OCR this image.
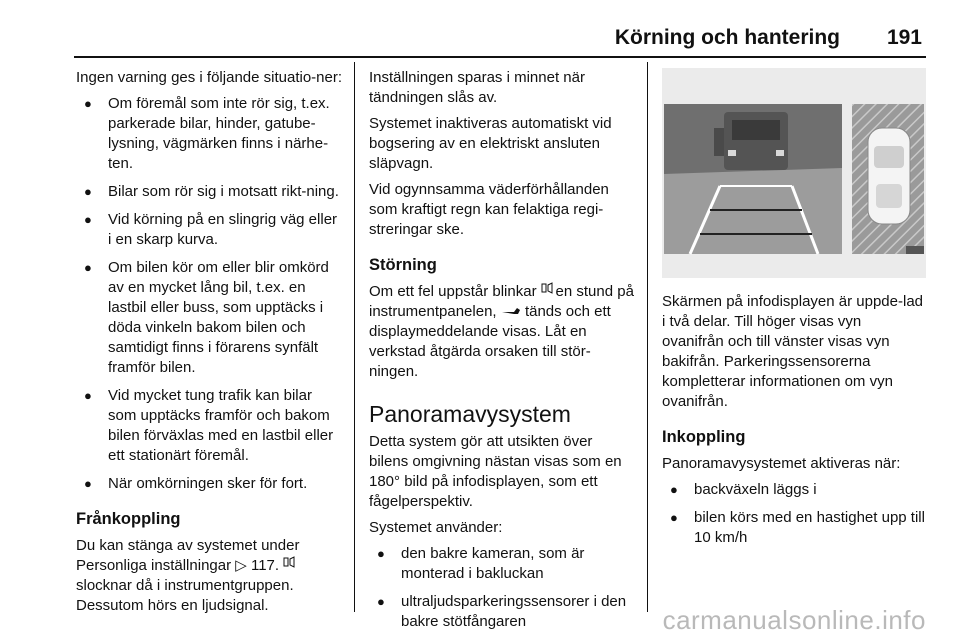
Körning och hantering 191

Ingen varning ges i följande situatio-ner:

● Om föremål som inte rör sig, t.ex. parkerade bilar, hinder, gatube-lysning, vägmärken finns i närhe-ten.
● Bilar som rör sig i motsatt rikt-ning.
● Vid körning på en slingrig väg eller i en skarp kurva.
● Om bilen kör om eller blir omkörd av en mycket lång bil, t.ex. en lastbil eller buss, som upptäcks i döda vinkeln bakom bilen och samtidigt finns i förarens synfält framför bilen.
● Vid mycket tung trafik kan bilar som upptäcks framför och bakom bilen förväxlas med en lastbil eller ett stationärt föremål.
● När omkörningen sker för fort.
Frånkoppling

Du kan stänga av systemet under Personliga inställningar ▷ 117.  slocknar då i instrumentgruppen. Dessutom hörs en ljudsignal.

Inställningen sparas i minnet när tändningen slås av.

Systemet inaktiveras automatiskt vid bogsering av en elektriskt ansluten släpvagn.

Vid ogynnsamma väderförhållanden som kraftigt regn kan felaktiga regi-streringar ske.

Störning

Om ett fel uppstår blinkar en stund på instrumentpanelen, tänds och ett displaymeddelande visas. Låt en verkstad åtgärda orsaken till stör-ningen.

Panoramavysystem

Detta system gör att utsikten över bilens omgivning nästan visas som en 180° bild på infodisplayen, som ett fågelperspektiv.

Systemet använder:

● den bakre kameran, som är monterad i bakluckan
● ultraljudsparkeringssensorer i den bakre stötfångaren

Skärmen på infodisplayen är uppde-lad i två delar. Till höger visas vyn ovanifrån och till vänster visas vyn bakifrån. Parkeringssensorerna kompletterar informationen om vyn ovanifrån.

Inkoppling

Panoramavysystemet aktiveras när:

● backväxeln läggs i
● bilen körs med en hastighet upp till 10 km/h
carmanualsonline.info
